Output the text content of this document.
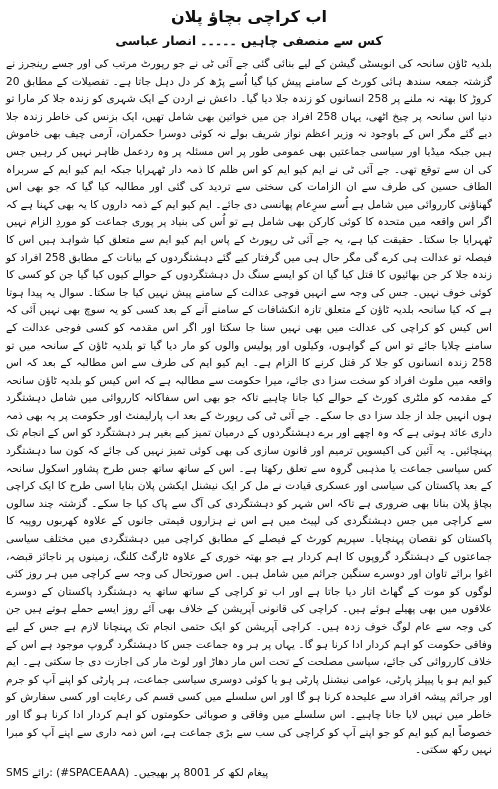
اب کراچی بچاؤ پلان
کس سے منصفی چاہیں۔۔۔۔۔انصار عباسی

بلدیہ ٹاؤن سانحہ کی انویسٹی گیشن کے لیے بنائی گئی جے آئی ٹی نے جو رپورٹ مرتب کی اور جسے رینجرز نے گزشتہ جمعہ سندھ ہائی کورٹ کے سامنے پیش کیا گیا اُسے پڑھ کر دل دہل جاتا ہے۔ تفصیلات کے مطابق 20 کروڑ کا بھتہ نہ ملنے پر 258 انسانوں کو زندہ جلا دیا گیا۔ داعش نے اردن کے ایک شہری کو زندہ جلا کر مارا تو دنیا اس سانحہ پر چیخ اٹھی، یہاں 258 افراد جن میں خواتین بھی شامل تھیں، ایک بزنس کی خاطر زندہ جلا دیے گئے مگر اس کے باوجود نہ وزیر اعظم نواز شریف بولے نہ کوئی دوسرا حکمران، آرمی چیف بھی خاموش ہیں جبکہ میڈیا اور سیاسی جماعتیں بھی عمومی طور پر اس مسئلہ پر وہ ردعمل ظاہر نہیں کر رہیں جس کی ان سے توقع تھی۔ جے آئی ٹی نے ایم کیو ایم کو اس ظلم کا ذمہ دار ٹھہرایا جبکہ ایم کیو ایم کے سربراہ الطاف حسین کی طرف سے ان الزامات کی سختی سے تردید کی گئی اور مطالبہ کیا گیا کہ جو بھی اس گھناؤنی کارروائی میں شامل ہے اُسے سرِعام پھانسی دی جائے۔ ایم کیو ایم کے ذمہ داروں کا یہ بھی کہنا ہے کہ اگر اس واقعہ میں متحدہ کا کوئی کارکن بھی شامل ہے تو اُس کی بنیاد پر پوری جماعت کو موردِ الزام نہیں ٹھہرایا جا سکتا۔ حقیقت کیا ہے، یہ جے آئی ٹی رپورٹ کے پاس ایم کیو ایم سے متعلق کیا شواہد ہیں اس کا فیصلہ تو عدالت ہی کرے گی مگر حال ہی میں گرفتار کیے گئے دہشتگردوں کے بیانات کے مطابق 258 افراد کو زندہ جلا کر جن بھائیوں کا قتل کیا گیا ان کو ایسے سنگ دل دہشتگردوں کے حوالے کیوں کیا گیا جن کو کسی کا کوئی خوف نہیں۔ جس کی وجہ سے انہیں فوجی عدالت کے سامنے پیش نہیں کیا جا سکتا۔ سوال یہ پیدا ہوتا ہے کہ کیا سانحہ بلدیہ ٹاؤن کے متعلق تازہ انکشافات کے سامنے آنے کے بعد کسی کو یہ سوچ بھی نہیں آئی کہ اس کیس کو کراچی کی عدالت میں بھی نہیں سنا جا سکتا اور اگر اس مقدمہ کو کسی فوجی عدالت کے سامنے چلایا جائے تو اس کے گواہوں، وکیلوں اور پولیس والوں کو مار دیا گیا تو بلدیہ ٹاؤن کے سانحہ میں تو 258 زندہ انسانوں کو جلا کر قتل کرنے کا الزام ہے۔ ایم کیو ایم کی طرف سے اس مطالبہ کے بعد کہ اس واقعہ میں ملوث افراد کو سخت سزا دی جائے، میرا حکومت سے مطالبہ ہے کہ اس کیس کو بلدیہ ٹاؤن سانحہ کے مقدمہ کو ملٹری کورٹ کے حوالے کیا جانا چاہیے تاکہ جو بھی اس سفاکانہ کارروائی میں شامل دہشتگرد ہوں انہیں جلد از جلد سزا دی جا سکے۔ جے آئی ٹی کی رپورٹ کے بعد اب پارلیمنٹ اور حکومت پر یہ بھی ذمہ داری عائد ہوتی ہے کہ وہ اچھے اور برے دہشتگردوں کے درمیان تمیز کیے بغیر ہر دہشتگرد کو اس کے انجام تک پہنچائیں۔ یہ آئین کی اکیسویں ترمیم اور قانون سازی کی بھی کوئی تمیز نہیں کی جائے کہ کون سا دہشتگرد کس سیاسی جماعت یا مذہبی گروہ سے تعلق رکھتا ہے۔ اس کے ساتھ ساتھ جس طرح پشاور اسکول سانحہ کے بعد پاکستان کی سیاسی اور عسکری قیادت نے مل کر ایک نیشنل ایکشن پلان بنایا اسی طرح کا ایک کراچی بچاؤ پلان بنانا بھی ضروری ہے تاکہ اس شہر کو دہشتگردی کی آگ سے پاک کیا جا سکے۔ گزشتہ چند سالوں سے کراچی میں جس دہشتگردی کی لپیٹ میں ہے اس نے ہزاروں قیمتی جانوں کے علاوہ کھربوں روپیہ کا پاکستان کو نقصان پہنچایا۔ سپریم کورٹ کے فیصلے کے مطابق کراچی میں دہشتگردی میں مختلف سیاسی جماعتوں کے دہشتگرد گروپوں کا اہم کردار ہے جو بھتہ خوری کے علاوہ ٹارگٹ کلنگ، زمینوں پر ناجائز قبضہ، اغوا برائے تاوان اور دوسرے سنگین جرائم میں شامل ہیں۔ اس صورتحال کی وجہ سے کراچی میں ہر روز کئی لوگوں کو موت کے گھاٹ اتار دیا جاتا ہے اور اب تو کراچی کے ساتھ ساتھ یہ دہشتگرد پاکستان کے دوسرے علاقوں میں بھی پھیلے ہوئے ہیں۔ کراچی کی قانونی آپریشن کے خلاف بھی آئے روز ایسے حملے ہوتے ہیں جن کی وجہ سے عام لوگ خوف زدہ ہیں۔ کراچی آپریشن کو ایک حتمی انجام تک پہنچانا لازم ہے جس کے لیے وفاقی حکومت کو اہم کردار ادا کرنا ہو گا۔ یہاں پر ہر وہ جماعت جس کا دہشتگرد گروپ موجود ہے اس کے خلاف کارروائی کی جائے، سیاسی مصلحت کے تحت اس مار دھاڑ اور لوٹ مار کی اجازت دی جا سکتی ہے۔ ایم کیو ایم ہو یا پیپلز پارٹی، عوامی نیشنل پارٹی ہو یا کوئی دوسری سیاسی جماعت، ہر پارٹی کو اپنے آپ کو جرم اور جرائم پیشہ افراد سے علیحدہ کرنا ہو گا اور اس سلسلے میں کسی قسم کی رعایت اور کسی سفارش کو خاطر میں نہیں لایا جانا چاہیے۔ اس سلسلے میں وفاقی و صوبائی حکومتوں کو اہم کردار ادا کرنا ہو گا اور خصوصاً ایم کیو ایم کو جو اپنے آپ کو کراچی کی سب سے بڑی جماعت ہے، اس ذمہ داری سے اپنے آپ کو مبرا نہیں رکھ سکتی۔

SMS رائے: (#SPACEAAA) پیغام لکھ کر 8001 پر بھیجیں۔
